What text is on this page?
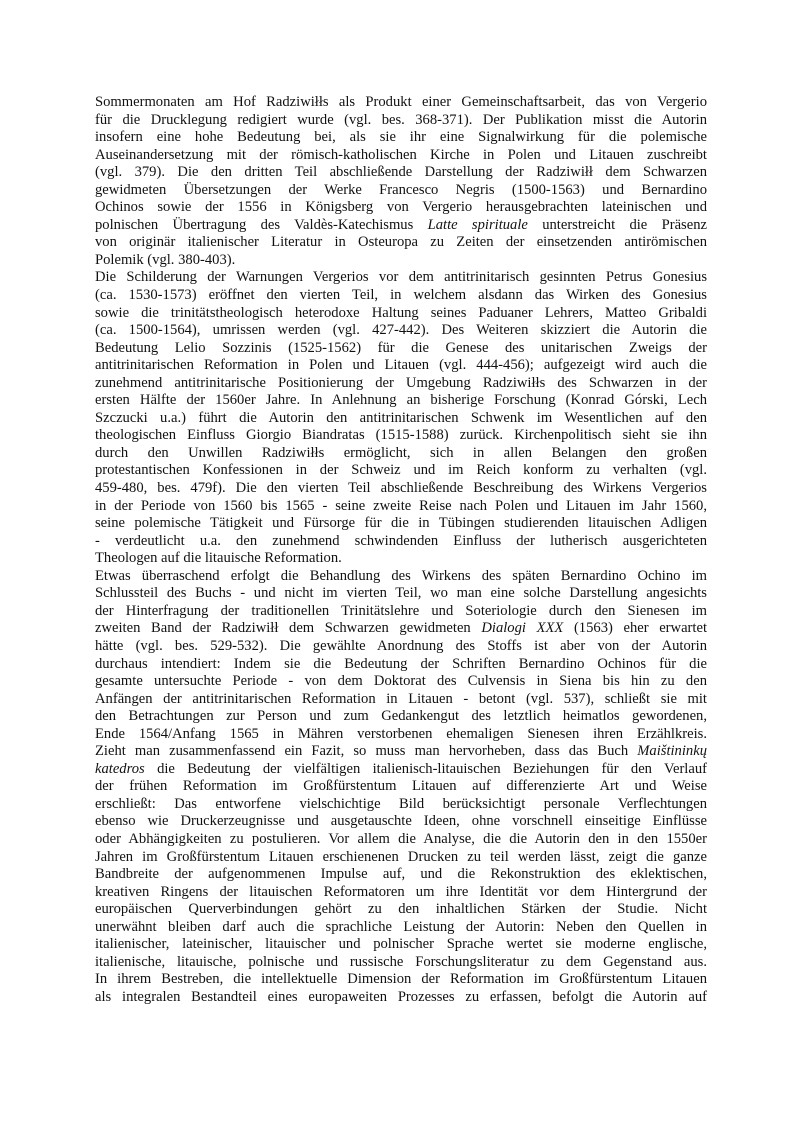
Sommermonaten am Hof Radziwiłłs als Produkt einer Gemeinschaftsarbeit, das von Vergerio
für die Drucklegung redigiert wurde (vgl. bes. 368-371). Der Publikation misst die Autorin
insofern eine hohe Bedeutung bei, als sie ihr eine Signalwirkung für die polemische
Auseinandersetzung mit der römisch-katholischen Kirche in Polen und Litauen zuschreibt
(vgl. 379). Die den dritten Teil abschließende Darstellung der Radziwiłł dem Schwarzen
gewidmeten Übersetzungen der Werke Francesco Negris (1500-1563) und Bernardino
Ochinos sowie der 1556 in Königsberg von Vergerio herausgebrachten lateinischen und
polnischen Übertragung des Valdès-Katechismus Latte spirituale unterstreicht die Präsenz
von originär italienischer Literatur in Osteuropa zu Zeiten der einsetzenden antirömischen
Polemik (vgl. 380-403).
Die Schilderung der Warnungen Vergerios vor dem antitrinitarisch gesinnten Petrus Gonesius
(ca. 1530-1573) eröffnet den vierten Teil, in welchem alsdann das Wirken des Gonesius
sowie die trinitätstheologisch heterodoxe Haltung seines Paduaner Lehrers, Matteo Gribaldi
(ca. 1500-1564), umrissen werden (vgl. 427-442). Des Weiteren skizziert die Autorin die
Bedeutung Lelio Sozzinis (1525-1562) für die Genese des unitarischen Zweigs der
antitrinitarischen Reformation in Polen und Litauen (vgl. 444-456); aufgezeigt wird auch die
zunehmend antitrinitarische Positionierung der Umgebung Radziwiłłs des Schwarzen in der
ersten Hälfte der 1560er Jahre. In Anlehnung an bisherige Forschung (Konrad Górski, Lech
Szczucki u.a.) führt die Autorin den antitrinitarischen Schwenk im Wesentlichen auf den
theologischen Einfluss Giorgio Biandratas (1515-1588) zurück. Kirchenpolitisch sieht sie ihn
durch den Unwillen Radziwiłłs ermöglicht, sich in allen Belangen den großen
protestantischen Konfessionen in der Schweiz und im Reich konform zu verhalten (vgl.
459-480, bes. 479f). Die den vierten Teil abschließende Beschreibung des Wirkens Vergerios
in der Periode von 1560 bis 1565 - seine zweite Reise nach Polen und Litauen im Jahr 1560,
seine polemische Tätigkeit und Fürsorge für die in Tübingen studierenden litauischen Adligen
- verdeutlicht u.a. den zunehmend schwindenden Einfluss der lutherisch ausgerichteten
Theologen auf die litauische Reformation.
Etwas überraschend erfolgt die Behandlung des Wirkens des späten Bernardino Ochino im
Schlussteil des Buchs - und nicht im vierten Teil, wo man eine solche Darstellung angesichts
der Hinterfragung der traditionellen Trinitätslehre und Soteriologie durch den Sienesen im
zweiten Band der Radziwiłł dem Schwarzen gewidmeten Dialogi XXX (1563) eher erwartet
hätte (vgl. bes. 529-532). Die gewählte Anordnung des Stoffs ist aber von der Autorin
durchaus intendiert: Indem sie die Bedeutung der Schriften Bernardino Ochinos für die
gesamte untersuchte Periode - von dem Doktorat des Culvensis in Siena bis hin zu den
Anfängen der antitrinitarischen Reformation in Litauen - betont (vgl. 537), schließt sie mit
den Betrachtungen zur Person und zum Gedankengut des letztlich heimatlos gewordenen,
Ende 1564/Anfang 1565 in Mähren verstorbenen ehemaligen Sienesen ihren Erzählkreis.
Zieht man zusammenfassend ein Fazit, so muss man hervorheben, dass das Buch Maištininkų
katedros die Bedeutung der vielfältigen italienisch-litauischen Beziehungen für den Verlauf
der frühen Reformation im Großfürstentum Litauen auf differenzierte Art und Weise
erschließt: Das entworfene vielschichtige Bild berücksichtigt personale Verflechtungen
ebenso wie Druckerzeugnisse und ausgetauschte Ideen, ohne vorschnell einseitige Einflüsse
oder Abhängigkeiten zu postulieren. Vor allem die Analyse, die die Autorin den in den 1550er
Jahren im Großfürstentum Litauen erschienenen Drucken zu teil werden lässt, zeigt die ganze
Bandbreite der aufgenommenen Impulse auf, und die Rekonstruktion des eklektischen,
kreativen Ringens der litauischen Reformatoren um ihre Identität vor dem Hintergrund der
europäischen Querverbindungen gehört zu den inhaltlichen Stärken der Studie. Nicht
unerwähnt bleiben darf auch die sprachliche Leistung der Autorin: Neben den Quellen in
italienischer, lateinischer, litauischer und polnischer Sprache wertet sie moderne englische,
italienische, litauische, polnische und russische Forschungsliteratur zu dem Gegenstand aus.
In ihrem Bestreben, die intellektuelle Dimension der Reformation im Großfürstentum Litauen
als integralen Bestandteil eines europaweiten Prozesses zu erfassen, befolgt die Autorin auf
